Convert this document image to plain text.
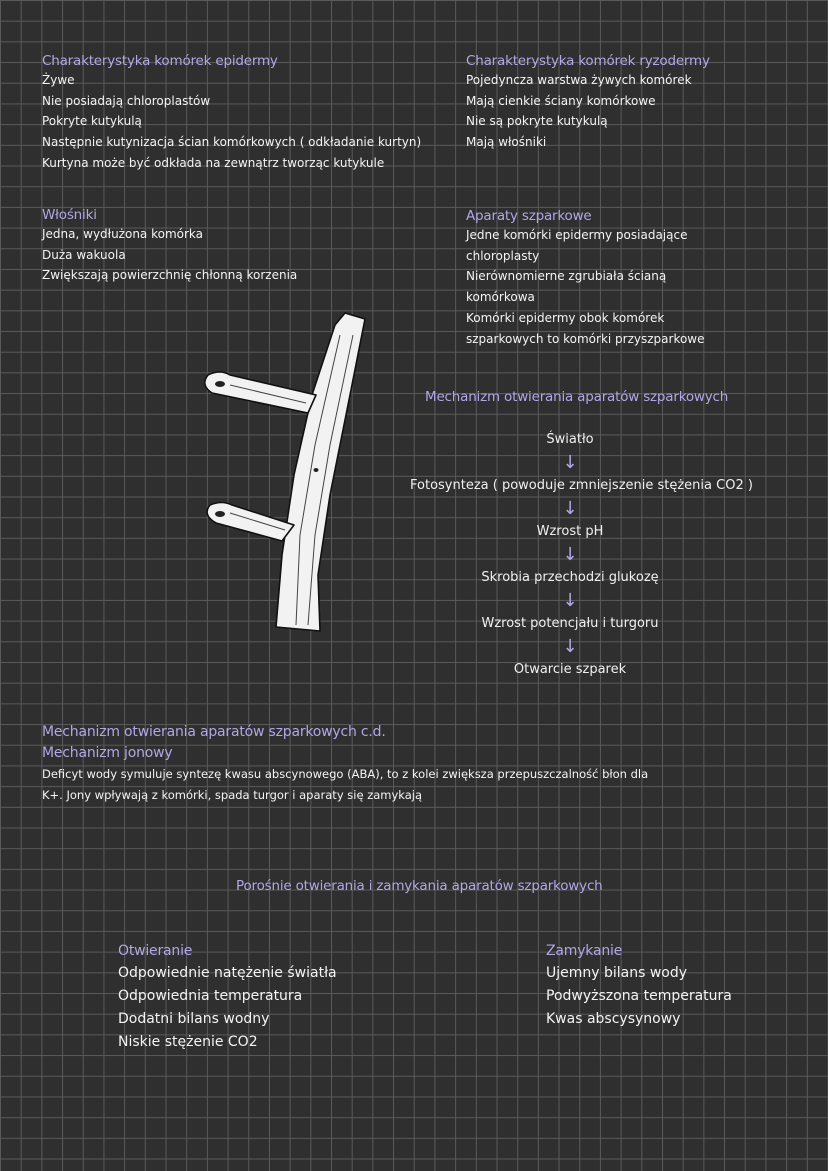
Charakterystyka komórek epidermy
Żywe
Nie posiadają chloroplastów
Pokryte kutykulą
Następnie kutynizacja ścian komórkowych ( odkładanie kurtyn)
Kurtyna może być odkłada na zewnątrz tworząc kutykule
Charakterystyka komórek ryzodermy
Pojedyncza warstwa żywych komórek
Mają cienkie ściany komórkowe
Nie są pokryte kutykulą
Mają włośniki
Włośniki
Jedna, wydłużona komórka
Duża wakuola
Zwiększają powierzchnię chłonną korzenia
Aparaty szparkowe
Jedne komórki epidermy posiadające
chloroplasty
Nierównomierne zgrubiała ścianą
komórkowa
Komórki epidermy obok komórek
szparkowych to komórki przyszparkowe
Mechanizm otwierania aparatów szparkowych
Światło
↓
Fotosynteza ( powoduje zmniejszenie stężenia CO2 )
↓
Wzrost pH
↓
Skrobia przechodzi glukozę
↓
Wzrost potencjału i turgoru
↓
Otwarcie szparek
Mechanizm otwierania aparatów szparkowych c.d.
Mechanizm jonowy
Deficyt wody symuluje syntezę kwasu abscynowego (ABA), to z kolei zwiększa przepuszczalność błon dla
K+. Jony wpływają z komórki, spada turgor i aparaty się zamykają
Porośnie otwierania i zamykania aparatów szparkowych
Otwieranie
Odpowiednie natężenie światła
Odpowiednia temperatura
Dodatni bilans wodny
Niskie stężenie CO2
Zamykanie
Ujemny bilans wody
Podwyższona temperatura
Kwas abscysynowy
